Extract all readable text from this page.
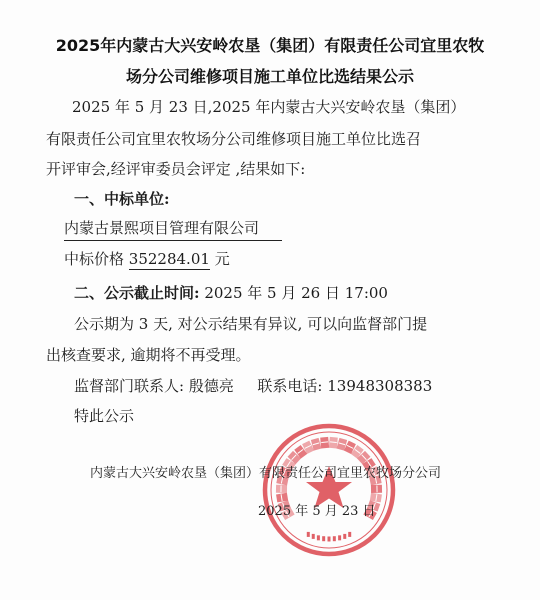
2025年内蒙古大兴安岭农垦（集团）有限责任公司宜里农牧
场分公司维修项目施工单位比选结果公示
2025 年 5 月 23 日,2025 年内蒙古大兴安岭农垦（集团）
有限责任公司宜里农牧场分公司维修项目施工单位比选召
开评审会,经评审委员会评定 ,结果如下:
一、中标单位:
内蒙古景熙项目管理有限公司
中标价格 352284.01 元
二、公示截止时间: 2025 年 5 月 26 日 17:00
公示期为 3 天, 对公示结果有异议, 可以向监督部门提
出核查要求, 逾期将不再受理。
监督部门联系人: 殷德亮 联系电话: 13948308383
特此公示
内蒙古大兴安岭农垦（集团）有限责任公司宜里农牧场分公司
2025 年 5 月 23 日
